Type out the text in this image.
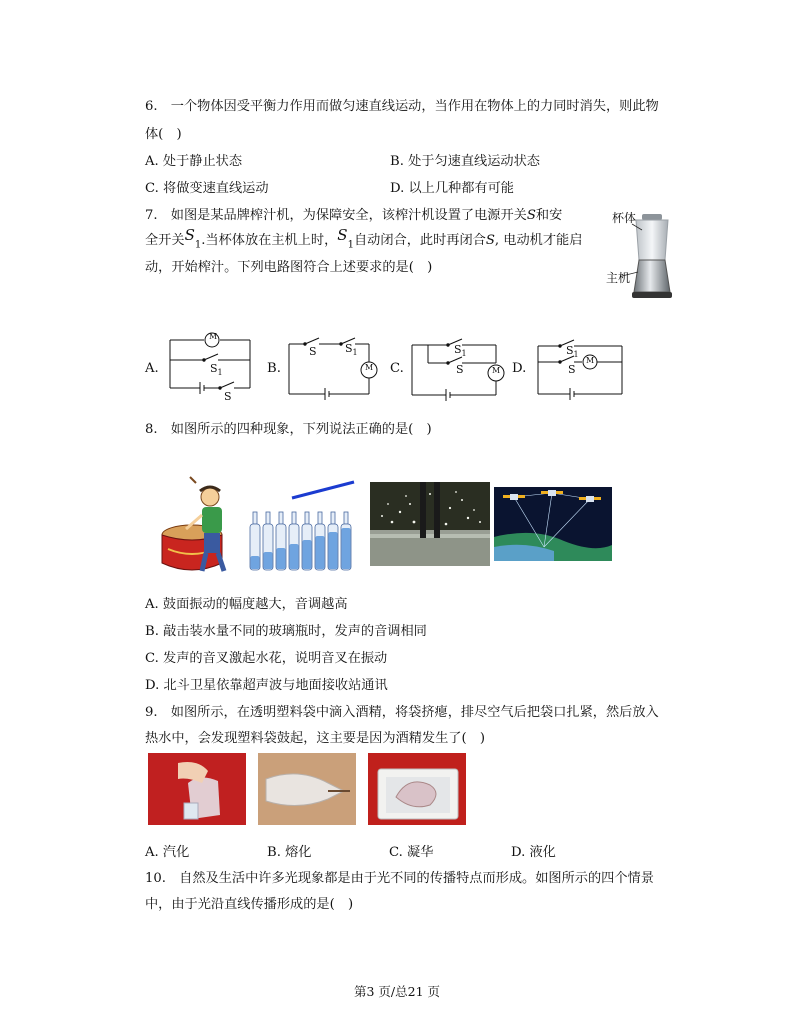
6.　一个物体因受平衡力作用而做匀速直线运动，当作用在物体上的力同时消失，则此物
体(　)
A. 处于静止状态	B. 处于匀速直线运动状态
C. 将做变速直线运动	D. 以上几种都有可能
7.　如图是某品牌榨汁机，为保障安全，该榨汁机设置了电源开关S和安
全开关$S_1$.当杯体放在主机上时，$S_1$自动闭合，此时再闭合S, 电动机才能启
动，开始榨汁。下列电路图符合上述要求的是(　)
杯体
主机
A.	B.	C.	D.
M
$S_1$
S
S	$S_1$
M
$S_1$
S	M
$S_1$
S
M
8.　如图所示的四种现象，下列说法正确的是(　)
A. 鼓面振动的幅度越大，音调越高
B. 敲击装水量不同的玻璃瓶时，发声的音调相同
C. 发声的音叉激起水花，说明音叉在振动
D. 北斗卫星依靠超声波与地面接收站通讯
9.　如图所示，在透明塑料袋中滴入酒精，将袋挤瘪，排尽空气后把袋口扎紧，然后放入
热水中，会发现塑料袋鼓起，这主要是因为酒精发生了(　)
A. 汽化	B. 熔化	C. 凝华	D. 液化
10.　自然及生活中许多光现象都是由于光不同的传播特点而形成。如图所示的四个情景
中，由于光沿直线传播形成的是(　)
第3 页/总21 页
